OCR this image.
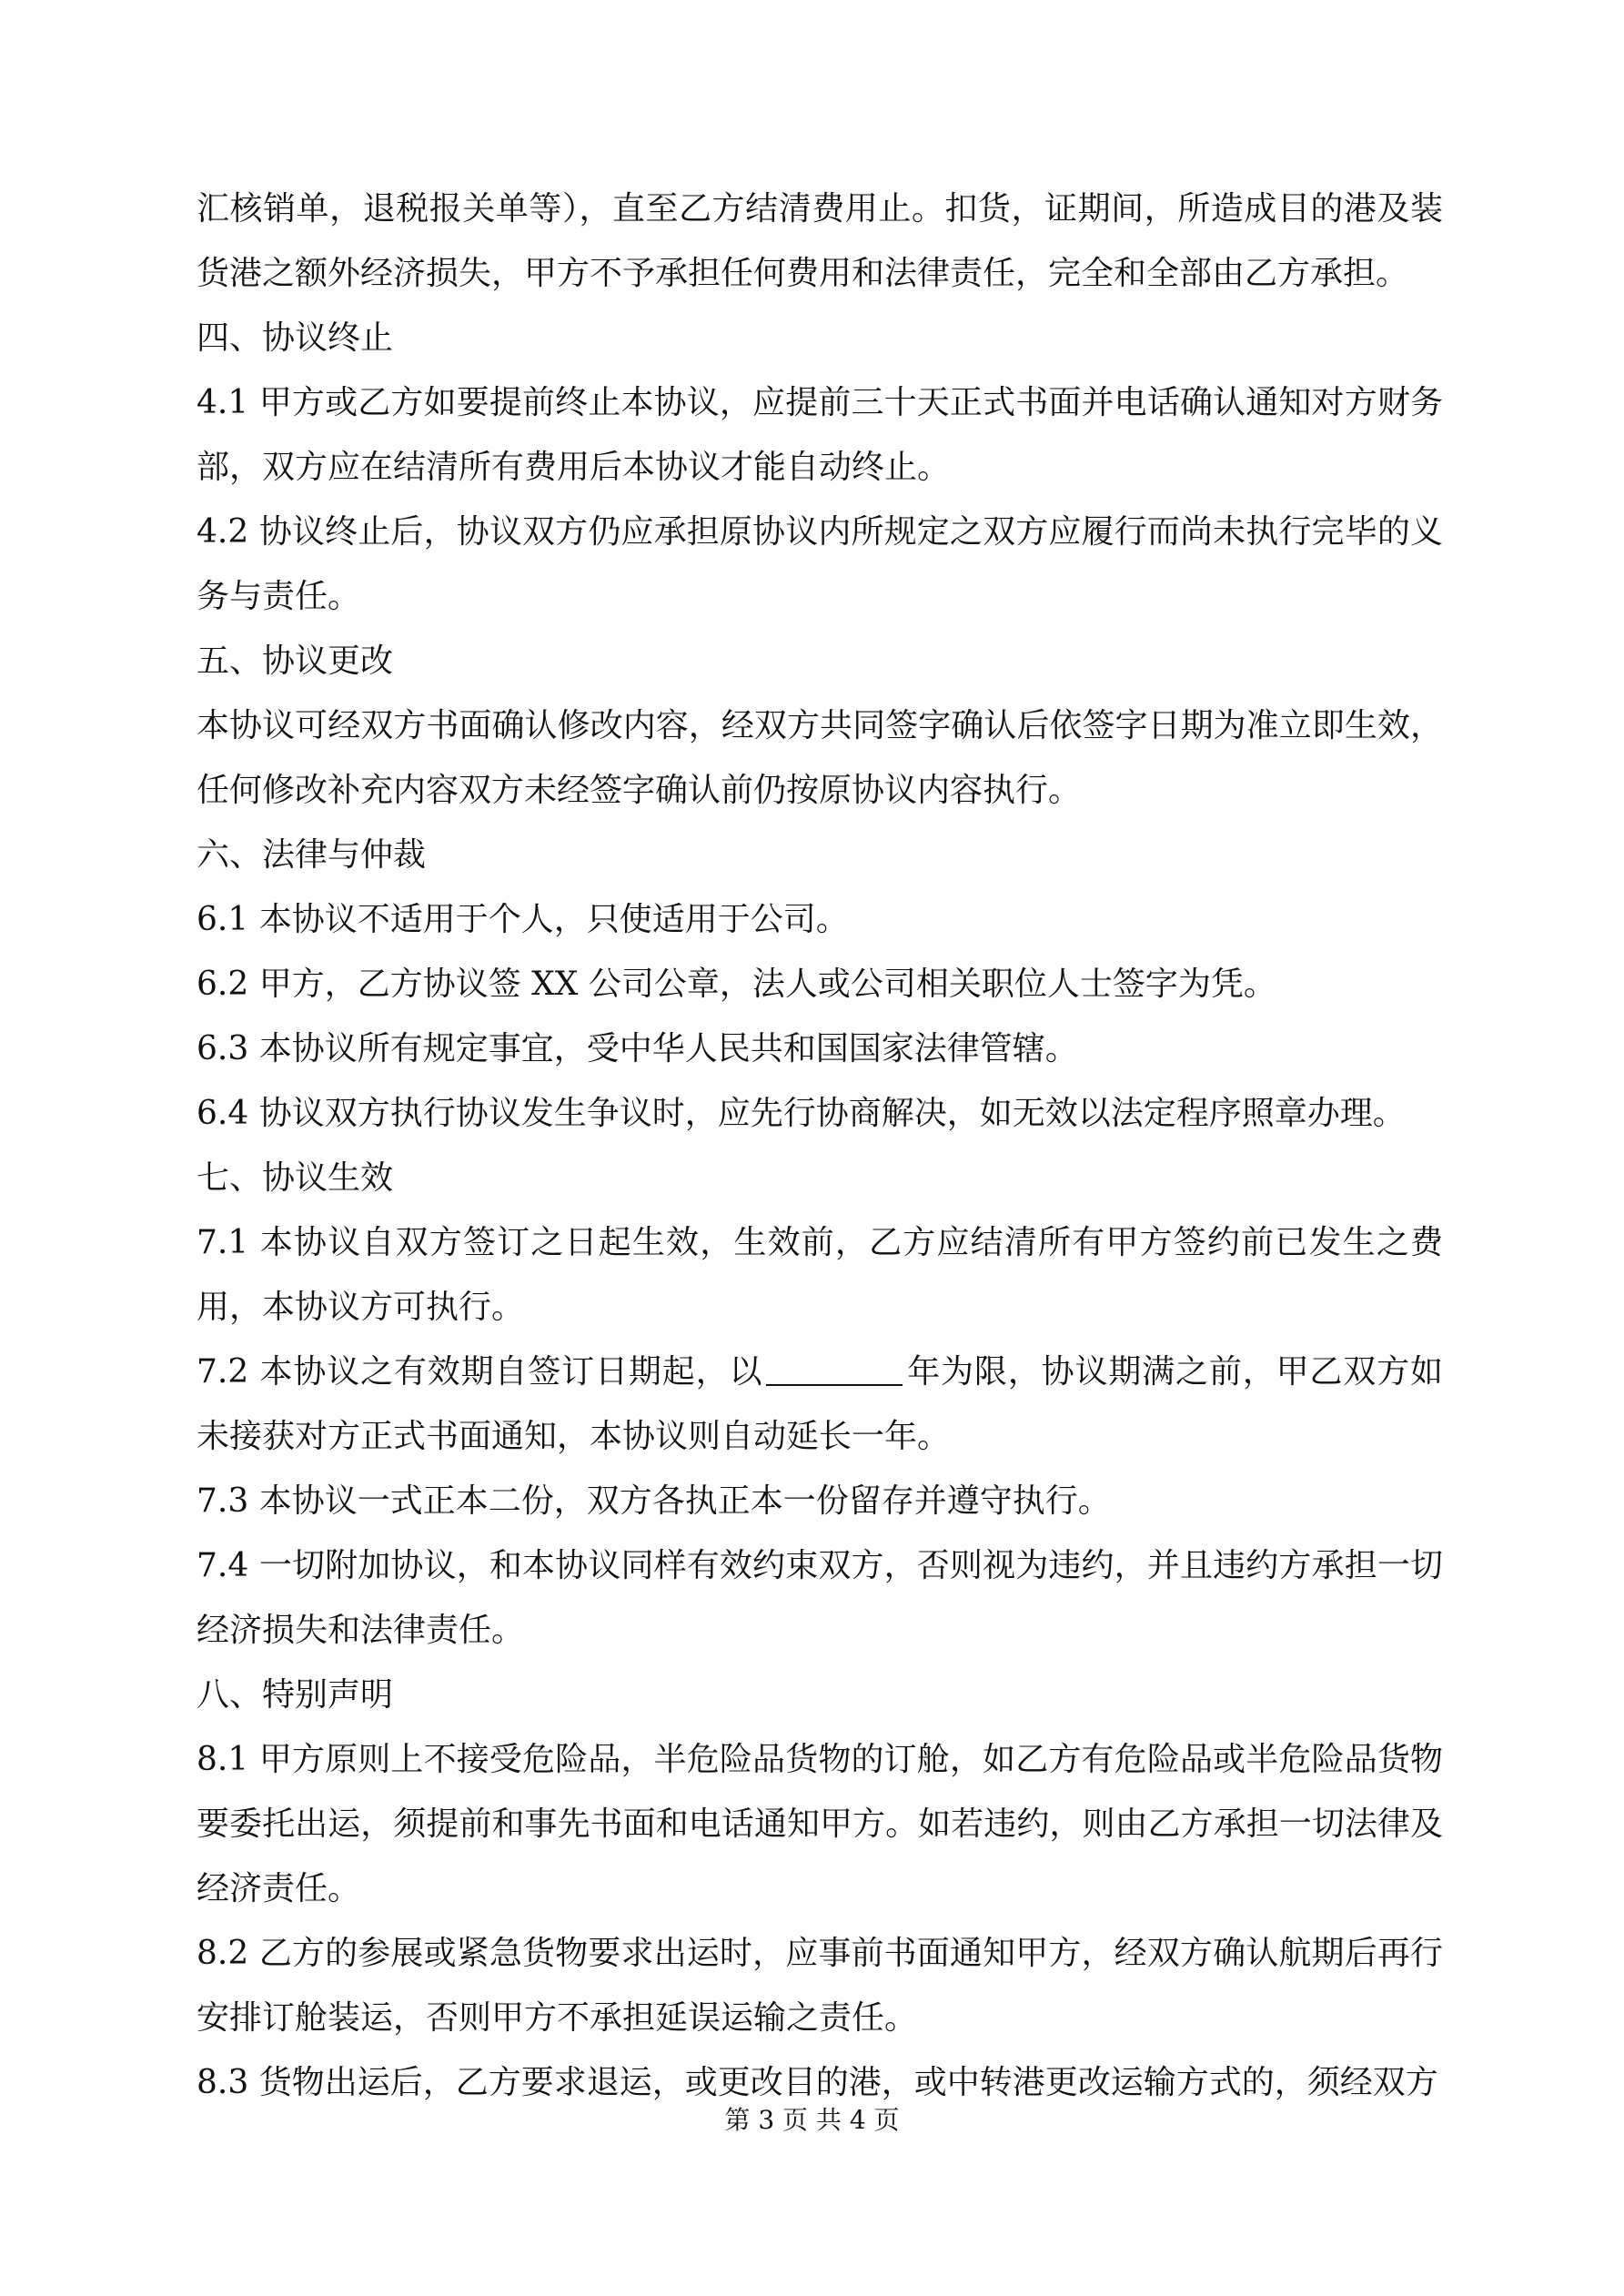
汇核销单，退税报关单等），直至乙方结清费用止。扣货，证期间，所造成目的港及装货港之额外经济损失，甲方不予承担任何费用和法律责任，完全和全部由乙方承担。

四、协议终止

4.1 甲方或乙方如要提前终止本协议，应提前三十天正式书面并电话确认通知对方财务部，双方应在结清所有费用后本协议才能自动终止。

4.2 协议终止后，协议双方仍应承担原协议内所规定之双方应履行而尚未执行完毕的义务与责任。

五、协议更改

本协议可经双方书面确认修改内容，经双方共同签字确认后依签字日期为准立即生效，任何修改补充内容双方未经签字确认前仍按原协议内容执行。

六、法律与仲裁

6.1 本协议不适用于个人，只使适用于公司。

6.2 甲方，乙方协议签 XX 公司公章，法人或公司相关职位人士签字为凭。

6.3 本协议所有规定事宜，受中华人民共和国国家法律管辖。

6.4 协议双方执行协议发生争议时，应先行协商解决，如无效以法定程序照章办理。

七、协议生效

7.1 本协议自双方签订之日起生效，生效前，乙方应结清所有甲方签约前已发生之费用，本协议方可执行。

7.2 本协议之有效期自签订日期起，以	年为限，协议期满之前，甲乙双方如未接获对方正式书面通知，本协议则自动延长一年。

7.3 本协议一式正本二份，双方各执正本一份留存并遵守执行。

7.4 一切附加协议，和本协议同样有效约束双方，否则视为违约，并且违约方承担一切经济损失和法律责任。

八、特别声明

8.1 甲方原则上不接受危险品，半危险品货物的订舱，如乙方有危险品或半危险品货物要委托出运，须提前和事先书面和电话通知甲方。如若违约，则由乙方承担一切法律及经济责任。

8.2 乙方的参展或紧急货物要求出运时，应事前书面通知甲方，经双方确认航期后再行安排订舱装运，否则甲方不承担延误运输之责任。

8.3 货物出运后，乙方要求退运，或更改目的港，或中转港更改运输方式的，须经双方

第 3 页 共 4 页
